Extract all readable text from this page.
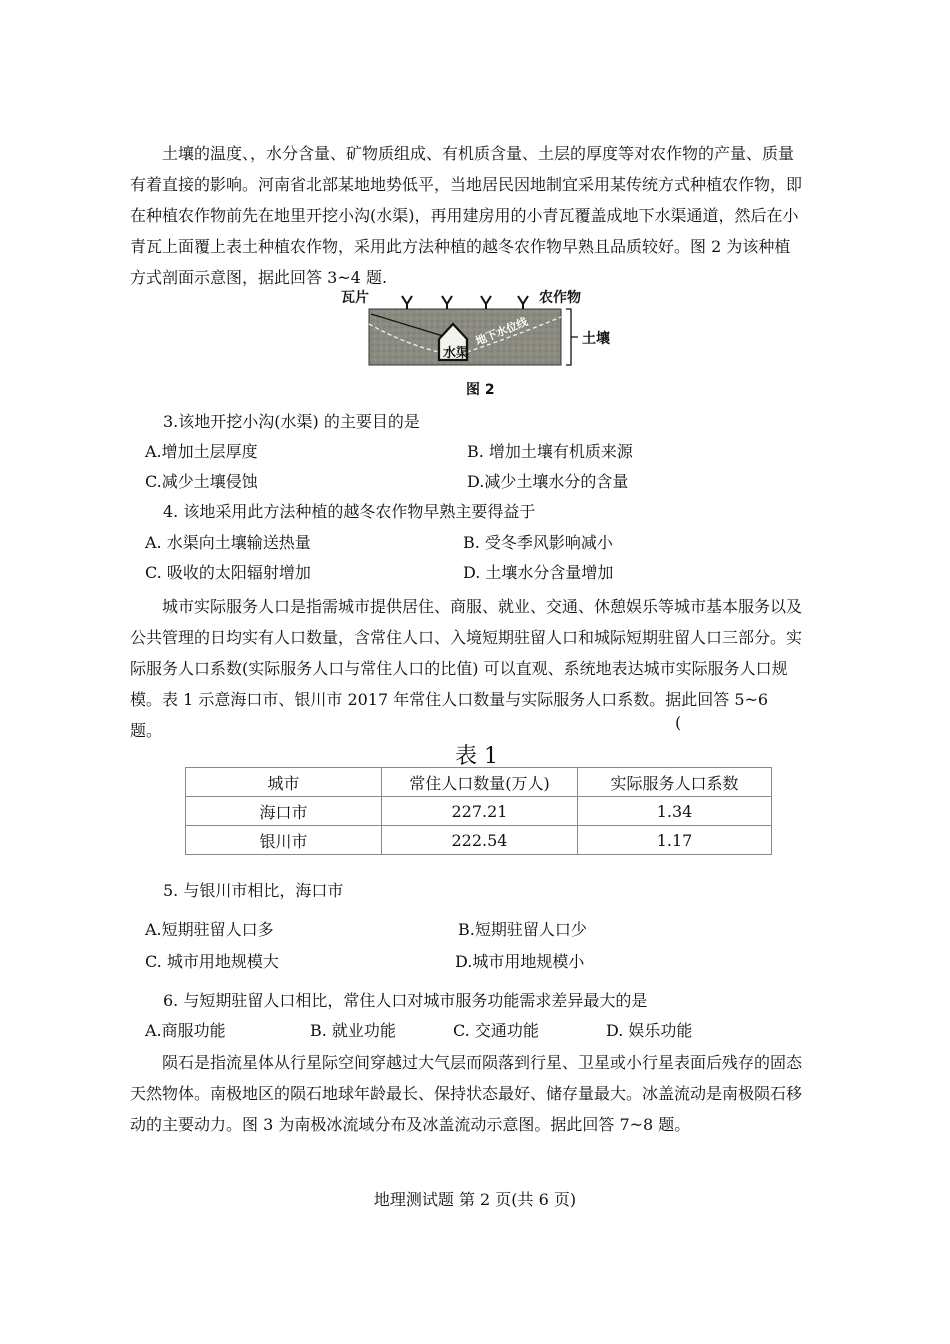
土壤的温度、，水分含量、矿物质组成、有机质含量、土层的厚度等对农作物的产量、质量有着直接的影响。河南省北部某地地势低平，当地居民因地制宜采用某传统方式种植农作物，即在种植农作物前先在地里开挖小沟(水渠)，再用建房用的小青瓦覆盖成地下水渠通道，然后在小青瓦上面覆上表土种植农作物，采用此方法种植的越冬农作物早熟且品质较好。图 2 为该种植方式剖面示意图，据此回答 3~4 题.

瓦片	农作物
土壤
水渠
地下水位线
图 2

3.该地开挖小沟(水渠) 的主要目的是

A.增加土层厚度	B. 增加土壤有机质来源

C.减少土壤侵蚀	D.减少土壤水分的含量

4. 该地采用此方法种植的越冬农作物早熟主要得益于

A. 水渠向土壤输送热量	B. 受冬季风影响减小

C. 吸收的太阳辐射增加	D. 土壤水分含量增加

城市实际服务人口是指需城市提供居住、商服、就业、交通、休憩娱乐等城市基本服务以及公共管理的日均实有人口数量，含常住人口、入境短期驻留人口和城际短期驻留人口三部分。实际服务人口系数(实际服务人口与常住人口的比值) 可以直观、系统地表达城市实际服务人口规模。表 1 示意海口市、银川市 2017 年常住人口数量与实际服务人口系数。据此回答 5~6 题。	(
表 1
城市	常住人口数量(万人)	实际服务人口系数
海口市	227.21	1.34
银川市	222.54	1.17

5. 与银川市相比，海口市

A.短期驻留人口多	B.短期驻留人口少

C. 城市用地规模大	D.城市用地规模小

6. 与短期驻留人口相比，常住人口对城市服务功能需求差异最大的是

A.商服功能	B. 就业功能	C. 交通功能	D. 娱乐功能

陨石是指流星体从行星际空间穿越过大气层而陨落到行星、卫星或小行星表面后残存的固态天然物体。南极地区的陨石地球年龄最长、保持状态最好、储存量最大。冰盖流动是南极陨石移动的主要动力。图 3 为南极冰流域分布及冰盖流动示意图。据此回答 7~8 题。

地理测试题 第 2 页(共 6 页)
